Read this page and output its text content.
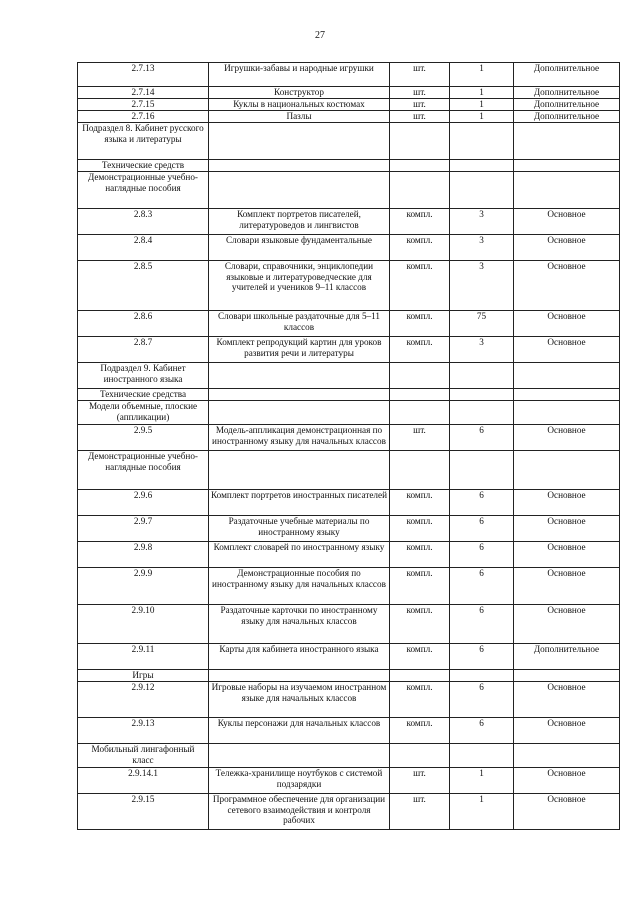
27
2.7.13	Игрушки-забавы и народные игрушки	шт.	1	Дополнительное
2.7.14	Конструктор	шт.	1	Дополнительное
2.7.15	Куклы в национальных костюмах	шт.	1	Дополнительное
2.7.16	Пазлы	шт.	1	Дополнительное
Подраздел 8. Кабинет русского языка и литературы				
Технические средств				
Демонстрационные учебно-наглядные пособия				
2.8.3	Комплект портретов писателей, литературоведов и лингвистов	компл.	3	Основное
2.8.4	Словари языковые фундаментальные	компл.	3	Основное
2.8.5	Словари, справочники, энциклопедии языковые и литературоведческие для учителей и учеников 9–11 классов	компл.	3	Основное
2.8.6	Словари школьные раздаточные для 5–11 классов	компл.	75	Основное
2.8.7	Комплект репродукций картин для уроков развития речи и литературы	компл.	3	Основное
Подраздел 9. Кабинет иностранного языка				
Технические средства				
Модели объемные, плоские (аппликации)				
2.9.5	Модель-аппликация демонстрационная по иностранному языку для начальных классов	шт.	6	Основное
Демонстрационные учебно-наглядные пособия				
2.9.6	Комплект портретов иностранных писателей	компл.	6	Основное
2.9.7	Раздаточные учебные материалы по иностранному языку	компл.	6	Основное
2.9.8	Комплект словарей по иностранному языку	компл.	6	Основное
2.9.9	Демонстрационные пособия по иностранному языку для начальных классов	компл.	6	Основное
2.9.10	Раздаточные карточки по иностранному языку для начальных классов	компл.	6	Основное
2.9.11	Карты для кабинета иностранного языка	компл.	6	Дополнительное
Игры				
2.9.12	Игровые наборы на изучаемом иностранном языке для начальных классов	компл.	6	Основное
2.9.13	Куклы персонажи для начальных классов	компл.	6	Основное
Мобильный лингафонный класс				
2.9.14.1	Тележка-хранилище ноутбуков с системой подзарядки	шт.	1	Основное
2.9.15	Программное обеспечение для организации сетевого взаимодействия и контроля рабочих	шт.	1	Основное
